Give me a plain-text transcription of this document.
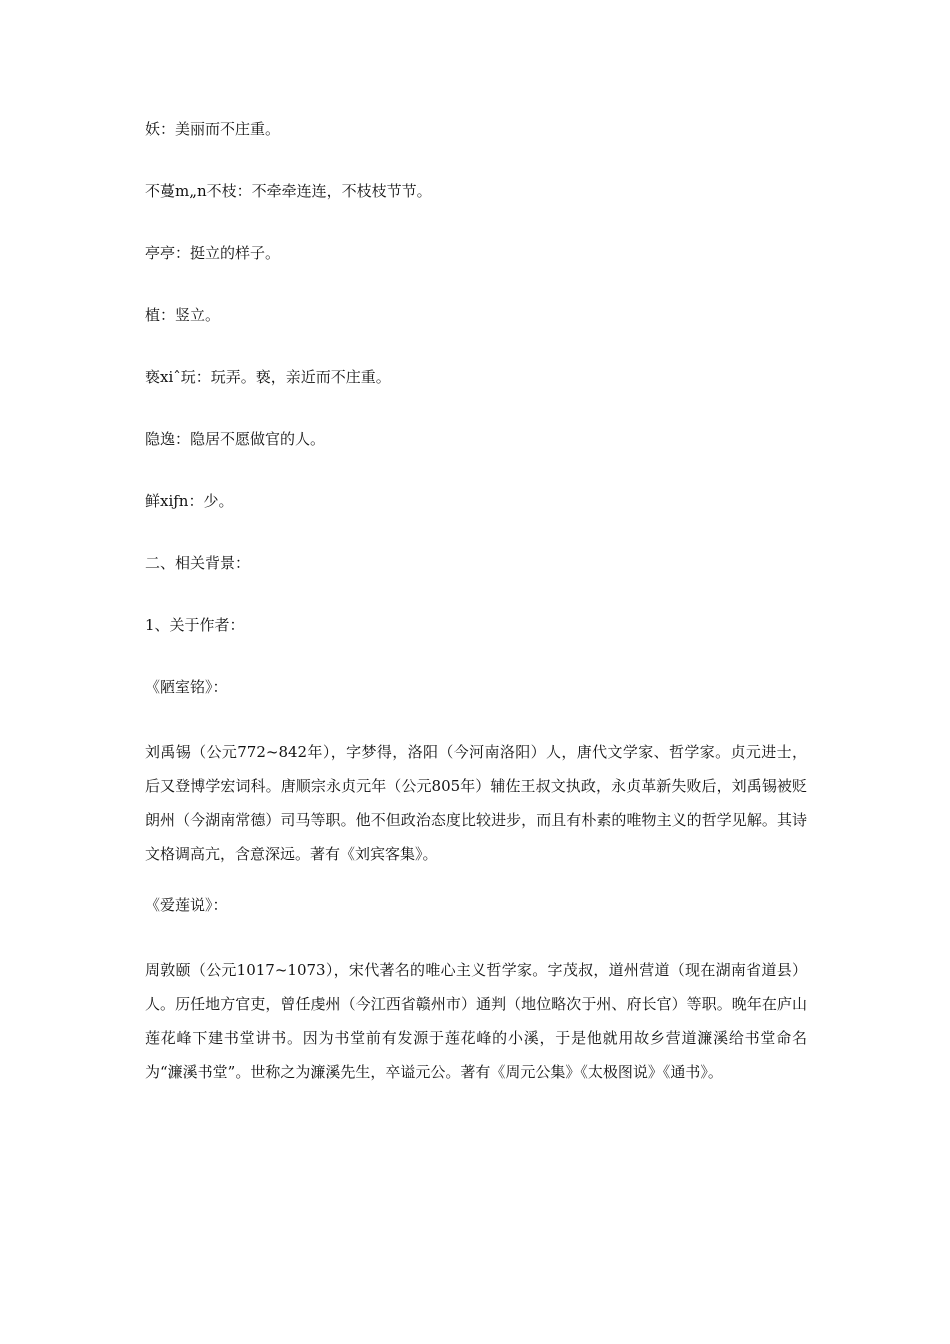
妖：美丽而不庄重。

不蔓m„n不枝：不牵牵连连，不枝枝节节。

亭亭：挺立的样子。

植：竖立。

亵xiˆ玩：玩弄。亵，亲近而不庄重。

隐逸：隐居不愿做官的人。

鲜xiƒn：少。

二、相关背景：

1、关于作者：

《陋室铭》：

刘禹锡（公元772~842年），字梦得，洛阳（今河南洛阳）人，唐代文学家、哲学家。贞元进士，后又登博学宏词科。唐顺宗永贞元年（公元805年）辅佐王叔文执政，永贞革新失败后，刘禹锡被贬朗州（今湖南常德）司马等职。他不但政治态度比较进步，而且有朴素的唯物主义的哲学见解。其诗文格调高亢，含意深远。著有《刘宾客集》。

《爱莲说》：

周敦颐（公元1017~1073），宋代著名的唯心主义哲学家。字茂叔，道州营道（现在湖南省道县）人。历任地方官吏，曾任虔州（今江西省赣州市）通判（地位略次于州、府长官）等职。晚年在庐山莲花峰下建书堂讲书。因为书堂前有发源于莲花峰的小溪，于是他就用故乡营道濂溪给书堂命名为“濂溪书堂”。世称之为濂溪先生，卒谥元公。著有《周元公集》《太极图说》《通书》。
